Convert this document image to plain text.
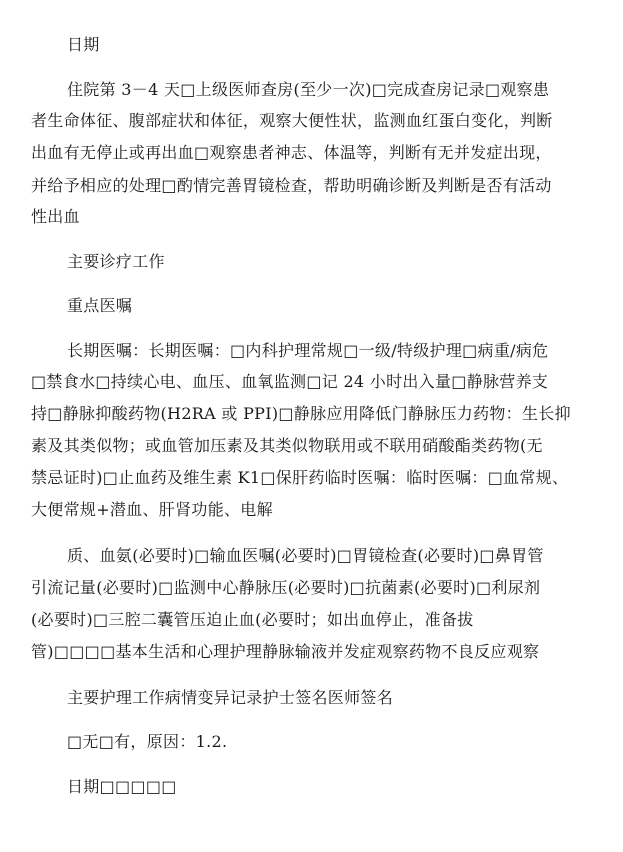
日期
住院第 3－4 天□上级医师查房(至少一次)□完成查房记录□观察患
者生命体征、腹部症状和体征，观察大便性状，监测血红蛋白变化，判断
出血有无停止或再出血□观察患者神志、体温等，判断有无并发症出现，
并给予相应的处理□酌情完善胃镜检查，帮助明确诊断及判断是否有活动
性出血
主要诊疗工作
重点医嘱
长期医嘱：长期医嘱：□内科护理常规□一级/特级护理□病重/病危
□禁食水□持续心电、血压、血氧监测□记 24 小时出入量□静脉营养支
持□静脉抑酸药物(H2RA 或 PPI)□静脉应用降低门静脉压力药物：生长抑
素及其类似物；或血管加压素及其类似物联用或不联用硝酸酯类药物(无
禁忌证时)□止血药及维生素 K1□保肝药临时医嘱：临时医嘱：□血常规、
大便常规+潜血、肝肾功能、电解
质、血氨(必要时)□输血医嘱(必要时)□胃镜检查(必要时)□鼻胃管
引流记量(必要时)□监测中心静脉压(必要时)□抗菌素(必要时)□利尿剂
(必要时)□三腔二囊管压迫止血(必要时；如出血停止，准备拔
管)□□□□基本生活和心理护理静脉输液并发症观察药物不良反应观察
主要护理工作病情变异记录护士签名医师签名
□无□有，原因：1.2.
日期□□□□□
